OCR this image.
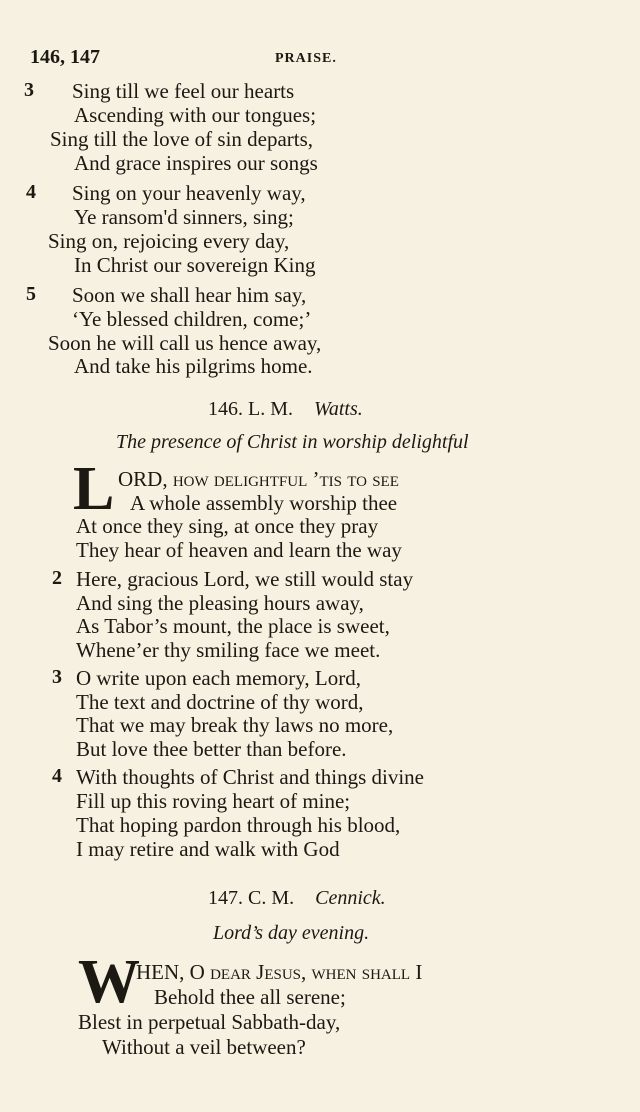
146, 147	PRAISE.
3 Sing till we feel our hearts
Ascending with our tongues;
Sing till the love of sin departs,
And grace inspires our songs
4 Sing on your heavenly way,
Ye ransom'd sinners, sing;
Sing on, rejoicing every day,
In Christ our sovereign King
5 Soon we shall hear him say,
‘Ye blessed children, come;’
Soon he will call us hence away,
And take his pilgrims home.
146. L. M. Watts.
The presence of Christ in worship delightful
L ORD, how delightful ’tis to see
A whole assembly worship thee
At once they sing, at once they pray
They hear of heaven and learn the way
2 Here, gracious Lord, we still would stay
And sing the pleasing hours away,
As Tabor’s mount, the place is sweet,
Whene’er thy smiling face we meet.
3 O write upon each memory, Lord,
The text and doctrine of thy word,
That we may break thy laws no more,
But love thee better than before.
4 With thoughts of Christ and things divine
Fill up this roving heart of mine;
That hoping pardon through his blood,
I may retire and walk with God
147. C. M. Cennick.
Lord’s day evening.
W
HEN, O dear Jesus, when shall I
Behold thee all serene;
Blest in perpetual Sabbath-day,
Without a veil between?
